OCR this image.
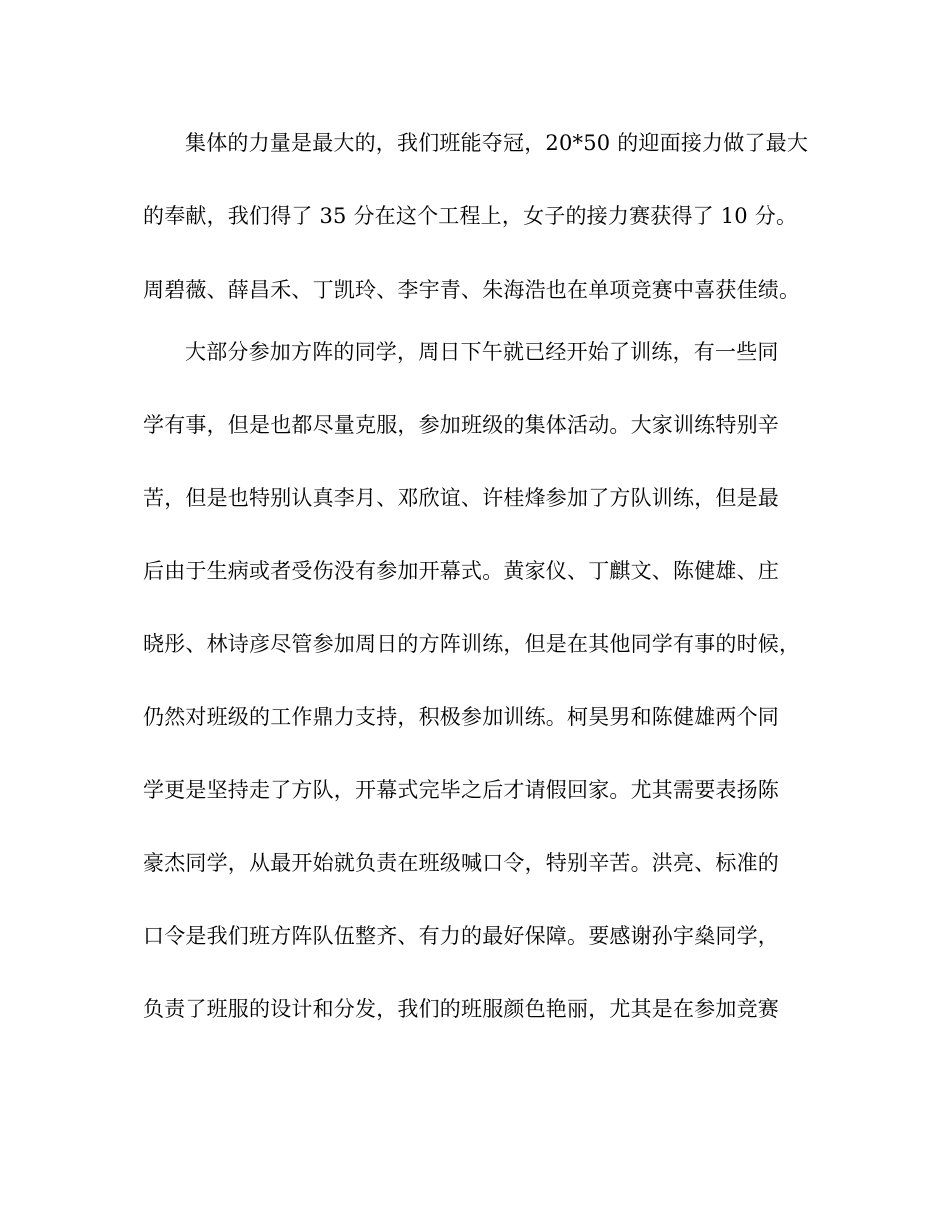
集体的力量是最大的，我们班能夺冠，20*50 的迎面接力做了最大
的奉献，我们得了 35 分在这个工程上，女子的接力赛获得了 10 分。
周碧薇、薛昌禾、丁凯玲、李宇青、朱海浩也在单项竞赛中喜获佳绩。
大部分参加方阵的同学，周日下午就已经开始了训练，有一些同
学有事，但是也都尽量克服，参加班级的集体活动。大家训练特别辛
苦，但是也特别认真李月、邓欣谊、许桂烽参加了方队训练，但是最
后由于生病或者受伤没有参加开幕式。黄家仪、丁麒文、陈健雄、庄
晓彤、林诗彦尽管参加周日的方阵训练，但是在其他同学有事的时候，
仍然对班级的工作鼎力支持，积极参加训练。柯昊男和陈健雄两个同
学更是坚持走了方队，开幕式完毕之后才请假回家。尤其需要表扬陈
豪杰同学，从最开始就负责在班级喊口令，特别辛苦。洪亮、标准的
口令是我们班方阵队伍整齐、有力的最好保障。要感谢孙宇燊同学，
负责了班服的设计和分发，我们的班服颜色艳丽，尤其是在参加竞赛
